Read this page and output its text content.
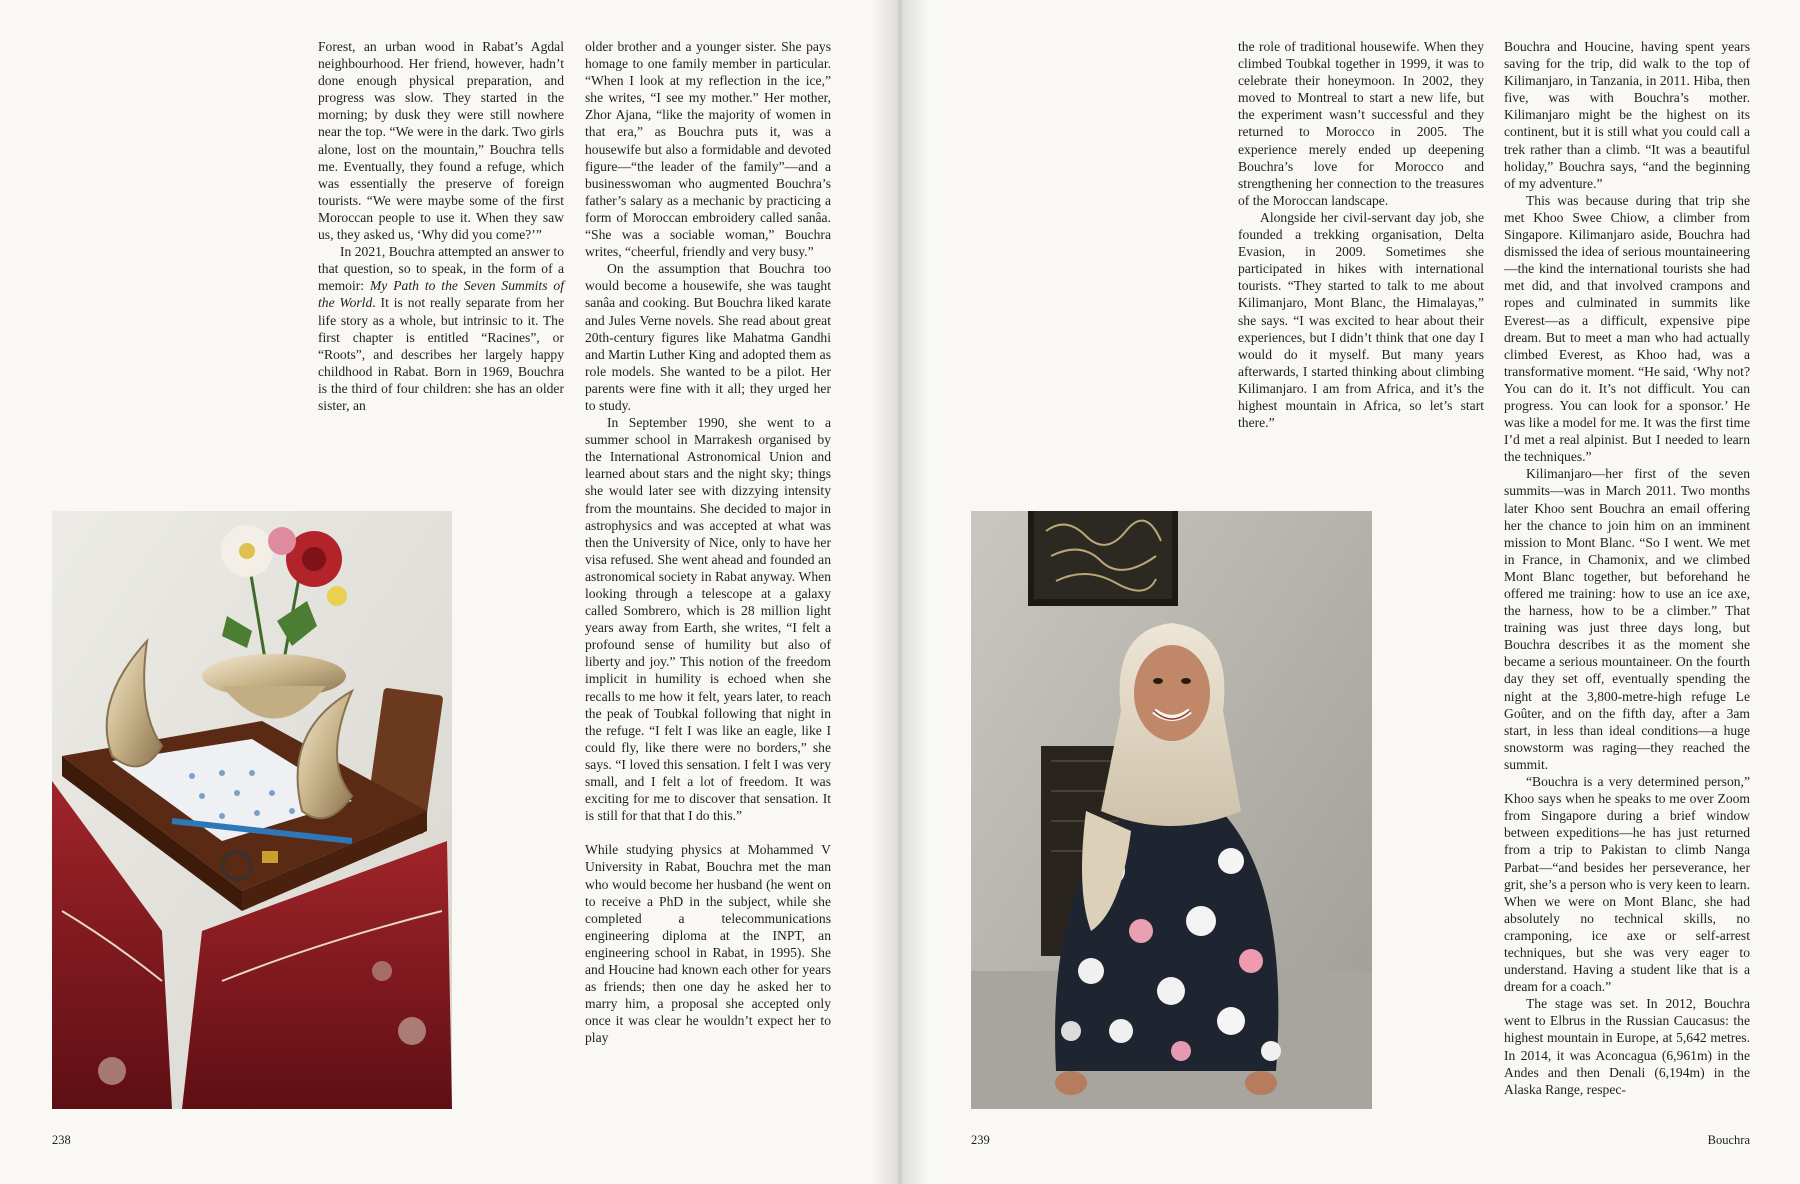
Forest, an urban wood in Rabat’s Agdal neighbourhood. Her friend, however, hadn’t done enough physical preparation, and progress was slow. They started in the morning; by dusk they were still nowhere near the top. “We were in the dark. Two girls alone, lost on the mountain,” Bouchra tells me. Eventually, they found a refuge, which was essentially the preserve of foreign tourists. “We were maybe some of the first Moroccan people to use it. When they saw us, they asked us, ‘Why did you come?’”

In 2021, Bouchra attempted an answer to that question, so to speak, in the form of a memoir: My Path to the Seven Summits of the World. It is not really separate from her life story as a whole, but intrinsic to it. The first chapter is entitled “Racines”, or “Roots”, and describes her largely happy childhood in Rabat. Born in 1969, Bouchra is the third of four children: she has an older sister, an

older brother and a younger sister. She pays homage to one family member in particular. “When I look at my reflection in the ice,” she writes, “I see my mother.” Her mother, Zhor Ajana, “like the majority of women in that era,” as Bouchra puts it, was a housewife but also a formidable and devoted figure—“the leader of the family”—and a businesswoman who augmented Bouchra’s father’s salary as a mechanic by practicing a form of Moroccan embroidery called sanâa. “She was a sociable woman,” Bouchra writes, “cheerful, friendly and very busy.”

On the assumption that Bouchra too would become a housewife, she was taught sanâa and cooking. But Bouchra liked karate and Jules Verne novels. She read about great 20th-century figures like Mahatma Gandhi and Martin Luther King and adopted them as role models. She wanted to be a pilot. Her parents were fine with it all; they urged her to study.

In September 1990, she went to a summer school in Marrakesh organised by the International Astronomical Union and learned about stars and the night sky; things she would later see with dizzying intensity from the mountains. She decided to major in astrophysics and was accepted at what was then the University of Nice, only to have her visa refused. She went ahead and founded an astronomical society in Rabat anyway. When looking through a telescope at a galaxy called Sombrero, which is 28 million light years away from Earth, she writes, “I felt a profound sense of humility but also of liberty and joy.” This notion of the freedom implicit in humility is echoed when she recalls to me how it felt, years later, to reach the peak of Toubkal following that night in the refuge. “I felt I was like an eagle, like I could fly, like there were no borders,” she says. “I loved this sensation. I felt I was very small, and I felt a lot of freedom. It was exciting for me to discover that sensation. It is still for that that I do this.”

While studying physics at Mohammed V University in Rabat, Bouchra met the man who would become her husband (he went on to receive a PhD in the subject, while she completed a telecommunications engineering diploma at the INPT, an engineering school in Rabat, in 1995). She and Houcine had known each other for years as friends; then one day he asked her to marry him, a proposal she accepted only once it was clear he wouldn’t expect her to play

the role of traditional housewife. When they climbed Toubkal together in 1999, it was to celebrate their honeymoon. In 2002, they moved to Montreal to start a new life, but the experiment wasn’t successful and they returned to Morocco in 2005. The experience merely ended up deepening Bouchra’s love for Morocco and strengthening her connection to the treasures of the Moroccan landscape.

Alongside her civil-servant day job, she founded a trekking organisation, Delta Evasion, in 2009. Sometimes she participated in hikes with international tourists. “They started to talk to me about Kilimanjaro, Mont Blanc, the Himalayas,” she says. “I was excited to hear about their experiences, but I didn’t think that one day I would do it myself. But many years afterwards, I started thinking about climbing Kilimanjaro. I am from Africa, and it’s the highest mountain in Africa, so let’s start there.”

Bouchra and Houcine, having spent years saving for the trip, did walk to the top of Kilimanjaro, in Tanzania, in 2011. Hiba, then five, was with Bouchra’s mother. Kilimanjaro might be the highest on its continent, but it is still what you could call a trek rather than a climb. “It was a beautiful holiday,” Bouchra says, “and the beginning of my adventure.”

This was because during that trip she met Khoo Swee Chiow, a climber from Singapore. Kilimanjaro aside, Bouchra had dismissed the idea of serious mountaineering—the kind the international tourists she had met did, and that involved crampons and ropes and culminated in summits like Everest—as a difficult, expensive pipe dream. But to meet a man who had actually climbed Everest, as Khoo had, was a transformative moment. “He said, ‘Why not? You can do it. It’s not difficult. You can progress. You can look for a sponsor.’ He was like a model for me. It was the first time I’d met a real alpinist. But I needed to learn the techniques.”

Kilimanjaro—her first of the seven summits—was in March 2011. Two months later Khoo sent Bouchra an email offering her the chance to join him on an imminent mission to Mont Blanc. “So I went. We met in France, in Chamonix, and we climbed Mont Blanc together, but beforehand he offered me training: how to use an ice axe, the harness, how to be a climber.” That training was just three days long, but Bouchra describes it as the moment she became a serious mountaineer. On the fourth day they set off, eventually spending the night at the 3,800-metre-high refuge Le Goûter, and on the fifth day, after a 3am start, in less than ideal conditions—a huge snowstorm was raging—they reached the summit.

“Bouchra is a very determined person,” Khoo says when he speaks to me over Zoom from Singapore during a brief window between expeditions—he has just returned from a trip to Pakistan to climb Nanga Parbat—“and besides her perseverance, her grit, she’s a person who is very keen to learn. When we were on Mont Blanc, she had absolutely no technical skills, no cramponing, ice axe or self-arrest techniques, but she was very eager to understand. Having a student like that is a dream for a coach.”

The stage was set. In 2012, Bouchra went to Elbrus in the Russian Caucasus: the highest mountain in Europe, at 5,642 metres. In 2014, it was Aconcagua (6,961m) in the Andes and then Denali (6,194m) in the Alaska Range, respec-

238	239	Bouchra
